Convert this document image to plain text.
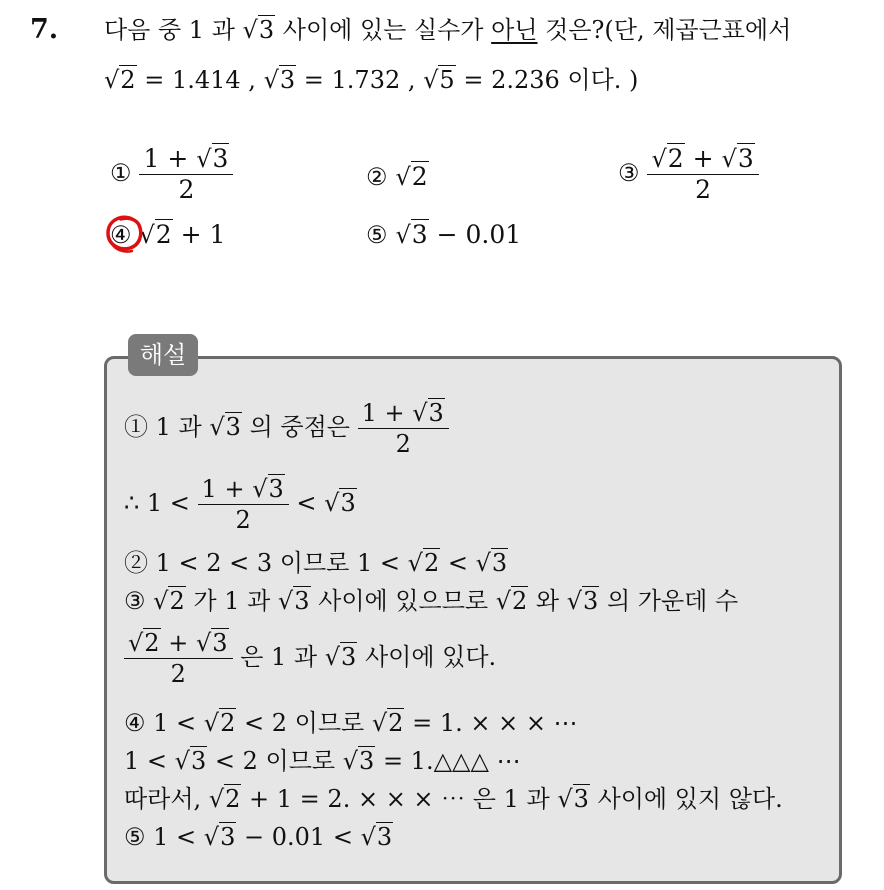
7. 다음 중 1 과 √3 사이에 있는 실수가 아닌 것은?(단, 제곱근표에서
√2 = 1.414 , √3 = 1.732 , √5 = 2.236 이다. )
① $\frac{1 + √3}{2}$	② √2	③ $\frac{√2 + √3}{2}$
④ √2 + 1	⑤ √3 − 0.01
해설
① 1 과 √3 의 중점은 $\frac{1 + √3}{2}$
∴ $1 < \frac{1 + √3}{2} < √3$
② 1 < 2 < 3 이므로 1 < √2 < √3
③ √2 가 1 과 √3 사이에 있으므로 √2 와 √3 의 가운데 수
$\frac{√2 + √3}{2}$ 은 1 과 √3 사이에 있다.
④ 1 < √2 < 2 이므로 √2 = 1. × × × ⋯
1 < √3 < 2 이므로 √3 = 1.△△△ ⋯
따라서, √2 + 1 = 2. × × × ⋯ 은 1 과 √3 사이에 있지 않다.
⑤ 1 < √3 − 0.01 < √3
